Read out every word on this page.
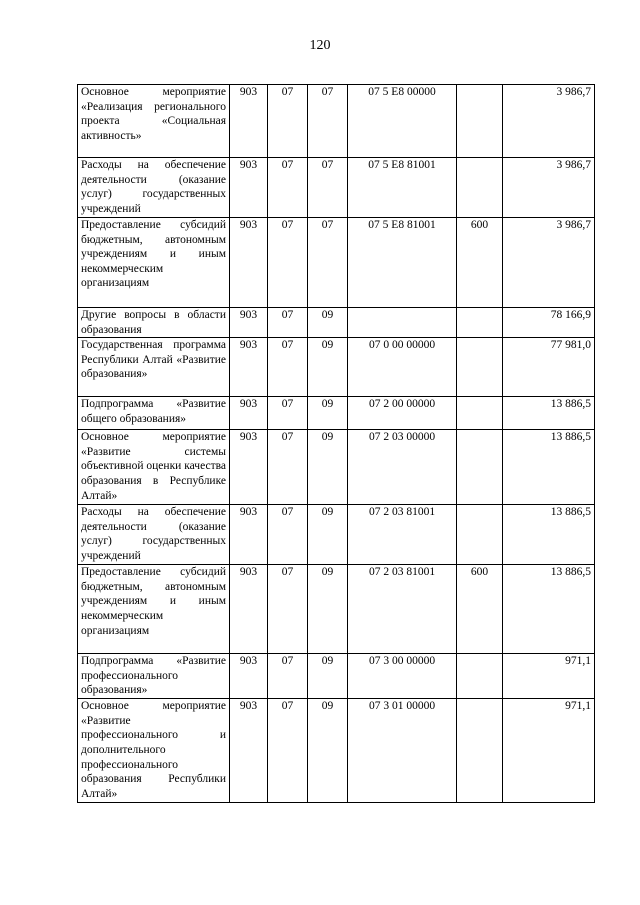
120
Основное мероприятие «Реализация регионального проекта «Социальная активность»	903	07	07	07 5 E8 00000		3 986,7
Расходы на обеспечение деятельности (оказание услуг) государственных учреждений	903	07	07	07 5 E8 81001		3 986,7
Предоставление субсидий бюджетным, автономным учреждениям и иным некоммерческим организациям	903	07	07	07 5 E8 81001	600	3 986,7
Другие вопросы в области образования	903	07	09			78 166,9
Государственная программа Республики Алтай «Развитие образования»	903	07	09	07 0 00 00000		77 981,0
Подпрограмма «Развитие общего образования»	903	07	09	07 2 00 00000		13 886,5
Основное мероприятие «Развитие системы объективной оценки качества образования в Республике Алтай»	903	07	09	07 2 03 00000		13 886,5
Расходы на обеспечение деятельности (оказание услуг) государственных учреждений	903	07	09	07 2 03 81001		13 886,5
Предоставление субсидий бюджетным, автономным учреждениям и иным некоммерческим организациям	903	07	09	07 2 03 81001	600	13 886,5
Подпрограмма «Развитие профессионального образования»	903	07	09	07 3 00 00000		971,1
Основное мероприятие «Развитие профессионального и дополнительного профессионального образования Республики Алтай»	903	07	09	07 3 01 00000		971,1
